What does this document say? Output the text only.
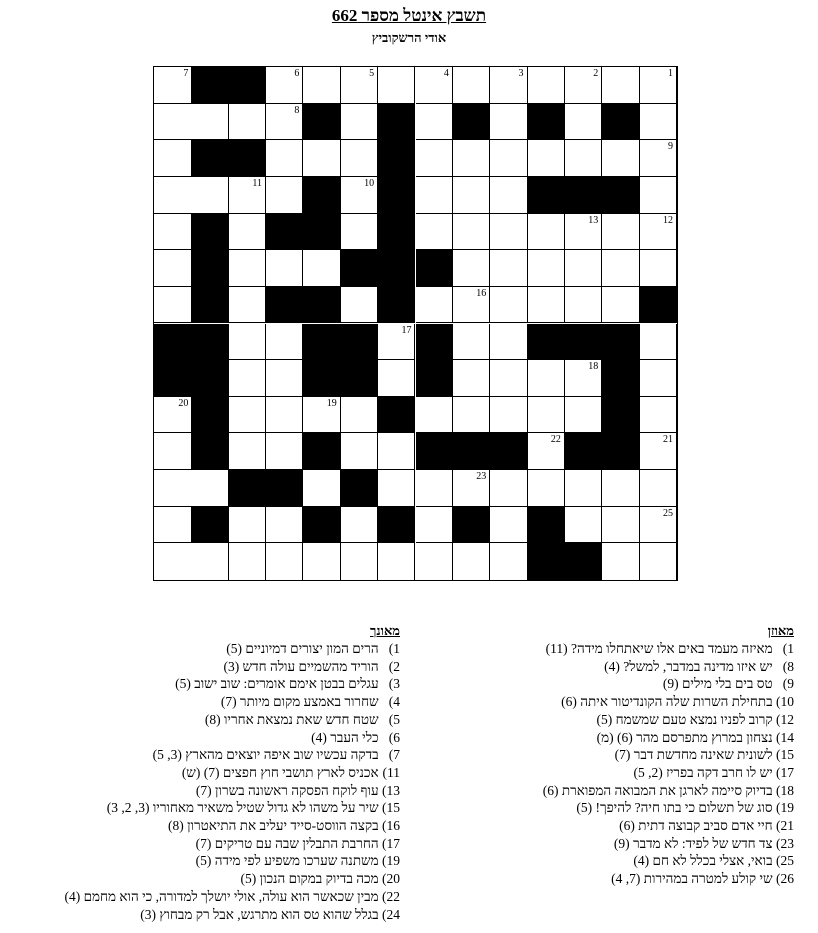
תשבץ אינטל מספר 662
אודי הרשקוביץ
1
2
3
4
5
6
7
8
9
10
11
12
13
16
17
18
19
20
21
22
23
25
מאוזן
1) מאיזה מעמד באים אלו שיאתחלו מידה? (11)
8) יש איזו מדינה במדבר, למשל? (4)
9) טס בים בלי מילים (9)
10) בתחילת השרות שלה הקונדיטור איתה (6)
12) קרוב לפניו נמצא טעם שמשמח (5)
14) נצחון במרוץ מתפרסם מהר (6) (מ)
15) לשונית שאינה מחדשת דבר (7)
17) יש לו חרב דקה בפריז (2, 5)
18) בדיוק סיימה לארגן את המבואה המפוארת (6)
19) סוג של תשלום כי בתו חיה? להיפך! (5)
21) חיי אדם סביב קבוצה דתית (6)
23) צד חדש של לפיד: לא מדבר (9)
25) בואי, אצלי בכלל לא חם (4)
26) שי קולע למטרה במהירות (7, 4)
מאונך
1) הרים המון יצורים דמיוניים (5)
2) הוריד מהשמיים עולה חדש (3)
3) עגלים בבטן אימם אומרים: שוב ישוב (5)
4) שחרור באמצע מקום מיותר (7)
5) שטח חדש שאת נמצאת אחריו (8)
6) כלי העבר (4)
7) בדקה עכשיו שוב איפה יוצאים מהארץ (3, 5)
11) אכניס לארץ תושבי חוץ חפצים (7) (ש)
13) עוף לוקח הפסקה ראשונה בשרון (7)
15) שיר על משהו לא גדול שטיל משאיר מאחוריו (3, 2, 3)
16) בקצה הווסט-סייד יעליב את התיאטרון (8)
17) החרבת התבלין שבה עם טריקים (7)
19) משתנה שערכו משפיע לפי מידה (5)
20) מכה בדיוק במקום הנכון (5)
22) מבין שכאשר הוא עולה, אולי יושלך למדורה, כי הוא מחמם (4)
24) בגלל שהוא טס הוא מתרגש, אבל רק מבחוץ (3)
